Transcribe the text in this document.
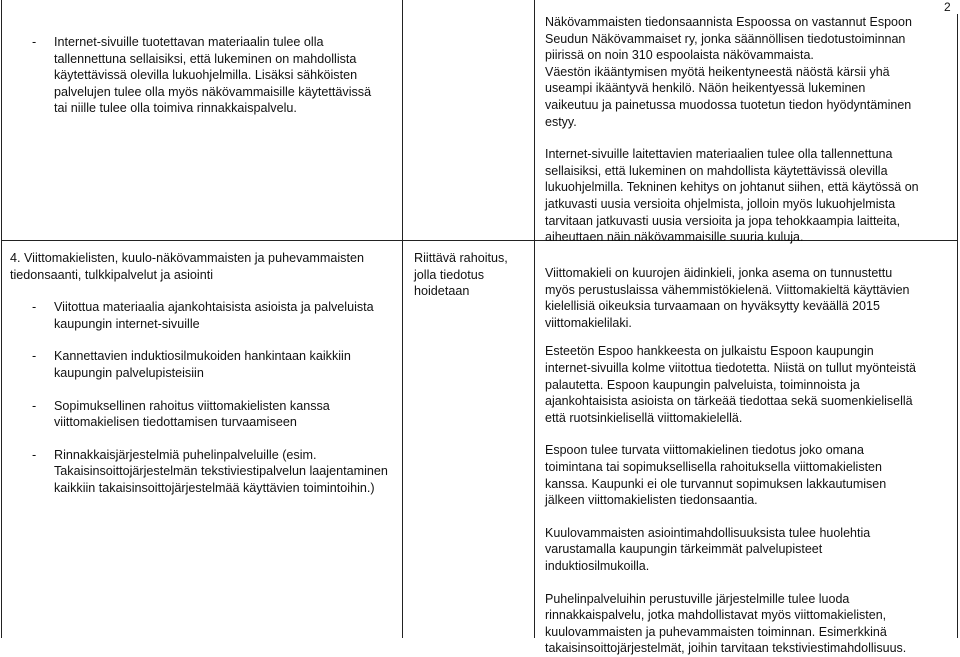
2
- Internet-sivuille tuotettavan materiaalin tulee olla tallennettuna sellaisiksi, että lukeminen on mahdollista käytettävissä olevilla lukuohjelmilla. Lisäksi sähköisten palvelujen tulee olla myös näkövammaisille käytettävissä tai niille tulee olla toimiva rinnakkaispalvelu.

Näkövammaisten tiedonsaannista Espoossa on vastannut Espoon
Seudun Näkövammaiset ry, jonka säännöllisen tiedotustoiminnan
piirissä on noin 310 espoolaista näkövammaista.

Väestön ikääntymisen myötä heikentyneestä näöstä kärsii yhä
useampi ikääntyvä henkilö. Näön heikentyessä lukeminen
vaikeutuu ja painetussa muodossa tuotetun tiedon hyödyntäminen
estyy.

Internet-sivuille laitettavien materiaalien tulee olla tallennettuna
sellaisiksi, että lukeminen on mahdollista käytettävissä olevilla
lukuohjelmilla. Tekninen kehitys on johtanut siihen, että käytössä on
jatkuvasti uusia versioita ohjelmista, jolloin myös lukuohjelmista
tarvitaan jatkuvasti uusia versioita ja jopa tehokkaampia laitteita,
aiheuttaen näin näkövammaisille suuria kuluja.

4. Viittomakielisten, kuulo-näkövammaisten ja puhevammaisten tiedonsaanti, tulkkipalvelut ja asiointi

- Viitottua materiaalia ajankohtaisista asioista ja palveluista kaupungin internet-sivuille

- Kannettavien induktiosilmukoiden hankintaan kaikkiin kaupungin palvelupisteisiin

- Sopimuksellinen rahoitus viittomakielisten kanssa viittomakielisen tiedottamisen turvaamiseen

- Rinnakkaisjärjestelmiä puhelinpalveluille (esim. Takaisinsoittojärjestelmän tekstiviestipalvelun laajentaminen kaikkiin takaisinsoittojärjestelmää käyttävien toimintoihin.)

Riittävä rahoitus,
jolla tiedotus
hoidetaan

Viittomakieli on kuurojen äidinkieli, jonka asema on tunnustettu
myös perustuslaissa vähemmistökielenä. Viittomakieltä käyttävien
kielellisiä oikeuksia turvaamaan on hyväksytty keväällä 2015
viittomakielilaki.

Esteetön Espoo hankkeesta on julkaistu Espoon kaupungin
internet-sivuilla kolme viitottua tiedotetta. Niistä on tullut myönteistä
palautetta. Espoon kaupungin palveluista, toiminnoista ja
ajankohtaisista asioista on tärkeää tiedottaa sekä suomenkielisellä
että ruotsinkielisellä viittomakielellä.

Espoon tulee turvata viittomakielinen tiedotus joko omana
toimintana tai sopimuksellisella rahoituksella viittomakielisten
kanssa. Kaupunki ei ole turvannut sopimuksen lakkautumisen
jälkeen viittomakielisten tiedonsaantia.

Kuulovammaisten asiointimahdollisuuksista tulee huolehtia
varustamalla kaupungin tärkeimmät palvelupisteet
induktiosilmukoilla.

Puhelinpalveluihin perustuville järjestelmille tulee luoda
rinnakkaispalvelu, jotka mahdollistavat myös viittomakielisten,
kuulovammaisten ja puhevammaisten toiminnan. Esimerkkinä
takaisinsoittojärjestelmät, joihin tarvitaan tekstiviestimahdollisuus.
